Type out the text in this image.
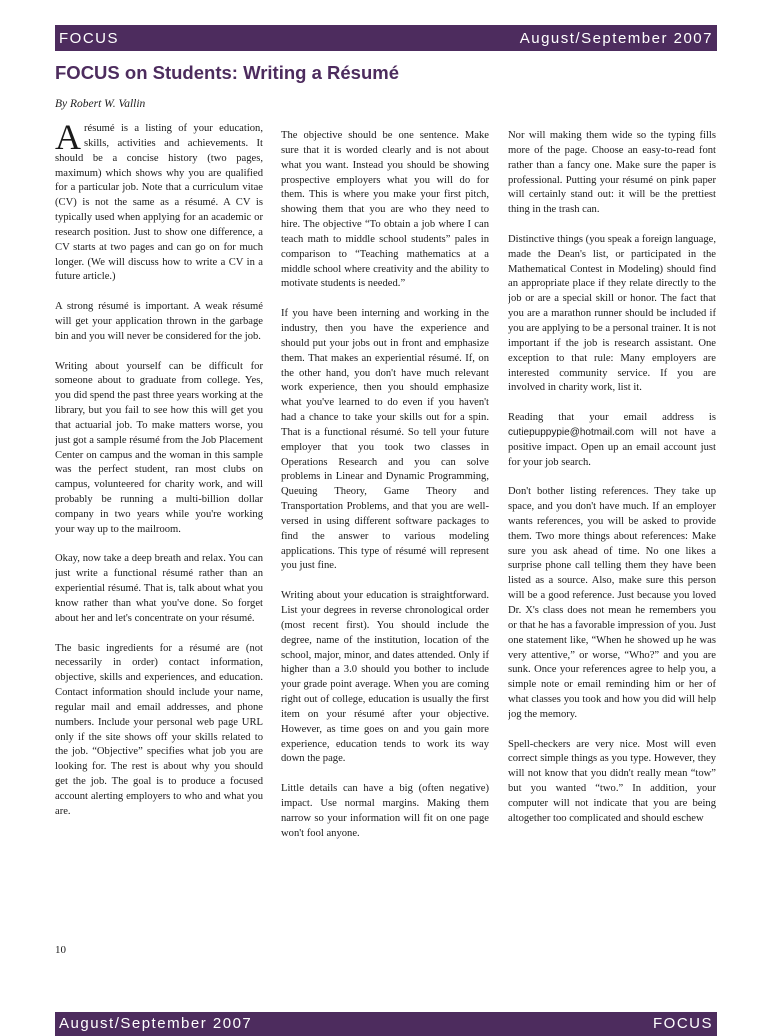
FOCUS	August/September 2007
FOCUS on Students: Writing a Résumé
By Robert W. Vallin

A résumé is a listing of your education, skills, activities and achievements. It should be a concise history (two pages, maximum) which shows why you are qualified for a particular job. Note that a curriculum vitae (CV) is not the same as a résumé. A CV is typically used when applying for an academic or research position. Just to show one difference, a CV starts at two pages and can go on for much longer. (We will discuss how to write a CV in a future article.)

A strong résumé is important. A weak résumé will get your application thrown in the garbage bin and you will never be considered for the job.

Writing about yourself can be difficult for someone about to graduate from college. Yes, you did spend the past three years working at the library, but you fail to see how this will get you that actuarial job. To make matters worse, you just got a sample résumé from the Job Placement Center on campus and the woman in this sample was the perfect student, ran most clubs on campus, volunteered for charity work, and will probably be running a multi-billion dollar company in two years while you're working your way up to the mailroom.

Okay, now take a deep breath and relax. You can just write a functional résumé rather than an experiential résumé. That is, talk about what you know rather than what you've done. So forget about her and let's concentrate on your résumé.

The basic ingredients for a résumé are (not necessarily in order) contact information, objective, skills and experiences, and education. Contact information should include your name, regular mail and email addresses, and phone numbers. Include your personal web page URL only if the site shows off your skills related to the job. “Objective” specifies what job you are looking for. The rest is about why you should get the job. The goal is to produce a focused account alerting employers to who and what you are.

The objective should be one sentence. Make sure that it is worded clearly and is not about what you want. Instead you should be showing prospective employers what you will do for them. This is where you make your first pitch, showing them that you are who they need to hire. The objective “To obtain a job where I can teach math to middle school students” pales in comparison to “Teaching mathematics at a middle school where creativity and the ability to motivate students is needed.”

If you have been interning and working in the industry, then you have the experience and should put your jobs out in front and emphasize them. That makes an experiential résumé. If, on the other hand, you don't have much relevant work experience, then you should emphasize what you've learned to do even if you haven't had a chance to take your skills out for a spin. That is a functional résumé. So tell your future employer that you took two classes in Operations Research and you can solve problems in Linear and Dynamic Programming, Queuing Theory, Game Theory and Transportation Problems, and that you are well-versed in using different software packages to find the answer to various modeling applications. This type of résumé will represent you just fine.

Writing about your education is straightforward. List your degrees in reverse chronological order (most recent first). You should include the degree, name of the institution, location of the school, major, minor, and dates attended. Only if higher than a 3.0 should you bother to include your grade point average. When you are coming right out of college, education is usually the first item on your résumé after your objective. However, as time goes on and you gain more experience, education tends to work its way down the page.

Little details can have a big (often negative) impact. Use normal margins. Making them narrow so your information will fit on one page won't fool anyone.

Nor will making them wide so the typing fills more of the page. Choose an easy-to-read font rather than a fancy one. Make sure the paper is professional. Putting your résumé on pink paper will certainly stand out: it will be the prettiest thing in the trash can.

Distinctive things (you speak a foreign language, made the Dean's list, or participated in the Mathematical Contest in Modeling) should find an appropriate place if they relate directly to the job or are a special skill or honor. The fact that you are a marathon runner should be included if you are applying to be a personal trainer. It is not important if the job is research assistant. One exception to that rule: Many employers are interested community service. If you are involved in charity work, list it.

Reading that your email address is cutiepuppypie@hotmail.com will not have a positive impact. Open up an email account just for your job search.

Don't bother listing references. They take up space, and you don't have much. If an employer wants references, you will be asked to provide them. Two more things about references: Make sure you ask ahead of time. No one likes a surprise phone call telling them they have been listed as a source. Also, make sure this person will be a good reference. Just because you loved Dr. X's class does not mean he remembers you or that he has a favorable impression of you. Just one statement like, “When he showed up he was very attentive,” or worse, “Who?” and you are sunk. Once your references agree to help you, a simple note or email reminding him or her of what classes you took and how you did will help jog the memory.

Spell-checkers are very nice. Most will even correct simple things as you type. However, they will not know that you didn't really mean “tow” but you wanted “two.” In addition, your computer will not indicate that you are being altogether too complicated and should eschew

10
August/September 2007	FOCUS
